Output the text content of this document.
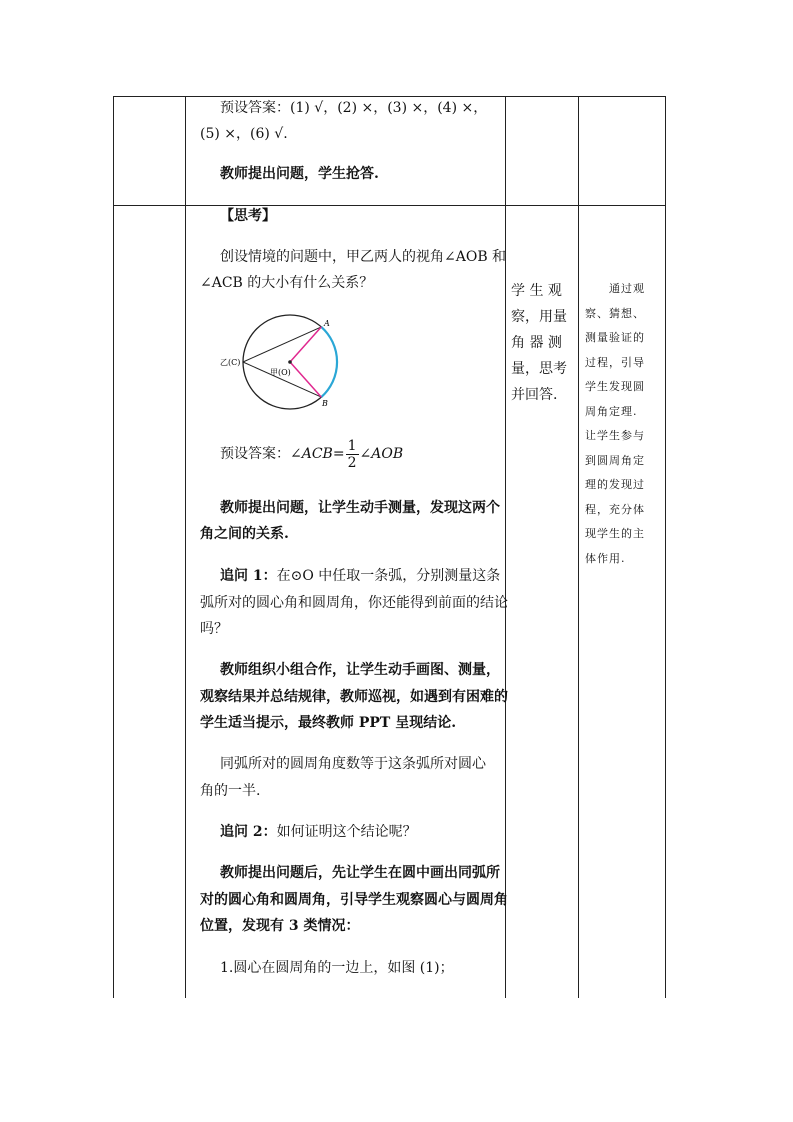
预设答案：(1) √，(2) ×，(3) ×，(4) ×，

(5) ×，(6) √.

教师提出问题，学生抢答.

【思考】

创设情境的问题中，甲乙两人的视角∠AOB 和

∠ACB 的大小有什么关系？

乙(C)
甲(O)
A
B
预设答案：∠ACB= $\frac{1}{2}$ ∠AOB

教师提出问题，让学生动手测量，发现这两个

角之间的关系.

追问 1：在⊙O 中任取一条弧，分别测量这条

弧所对的圆心角和圆周角，你还能得到前面的结论

吗？

教师组织小组合作，让学生动手画图、测量，

观察结果并总结规律，教师巡视，如遇到有困难的

学生适当提示，最终教师 PPT 呈现结论.

同弧所对的圆周角度数等于这条弧所对圆心

角的一半.

追问 2：如何证明这个结论呢？

教师提出问题后，先让学生在圆中画出同弧所

对的圆心角和圆周角，引导学生观察圆心与圆周角

位置，发现有 3 类情况：

1.圆心在圆周角的一边上，如图 (1)；

学 生 观
察，用量
角 器 测
量，思考
并回答.
通过观
察、猜想、
测量验证的
过程，引导
学生发现圆
周角定理.
让学生参与
到圆周角定
理的发现过
程，充分体
现学生的主
体作用.
